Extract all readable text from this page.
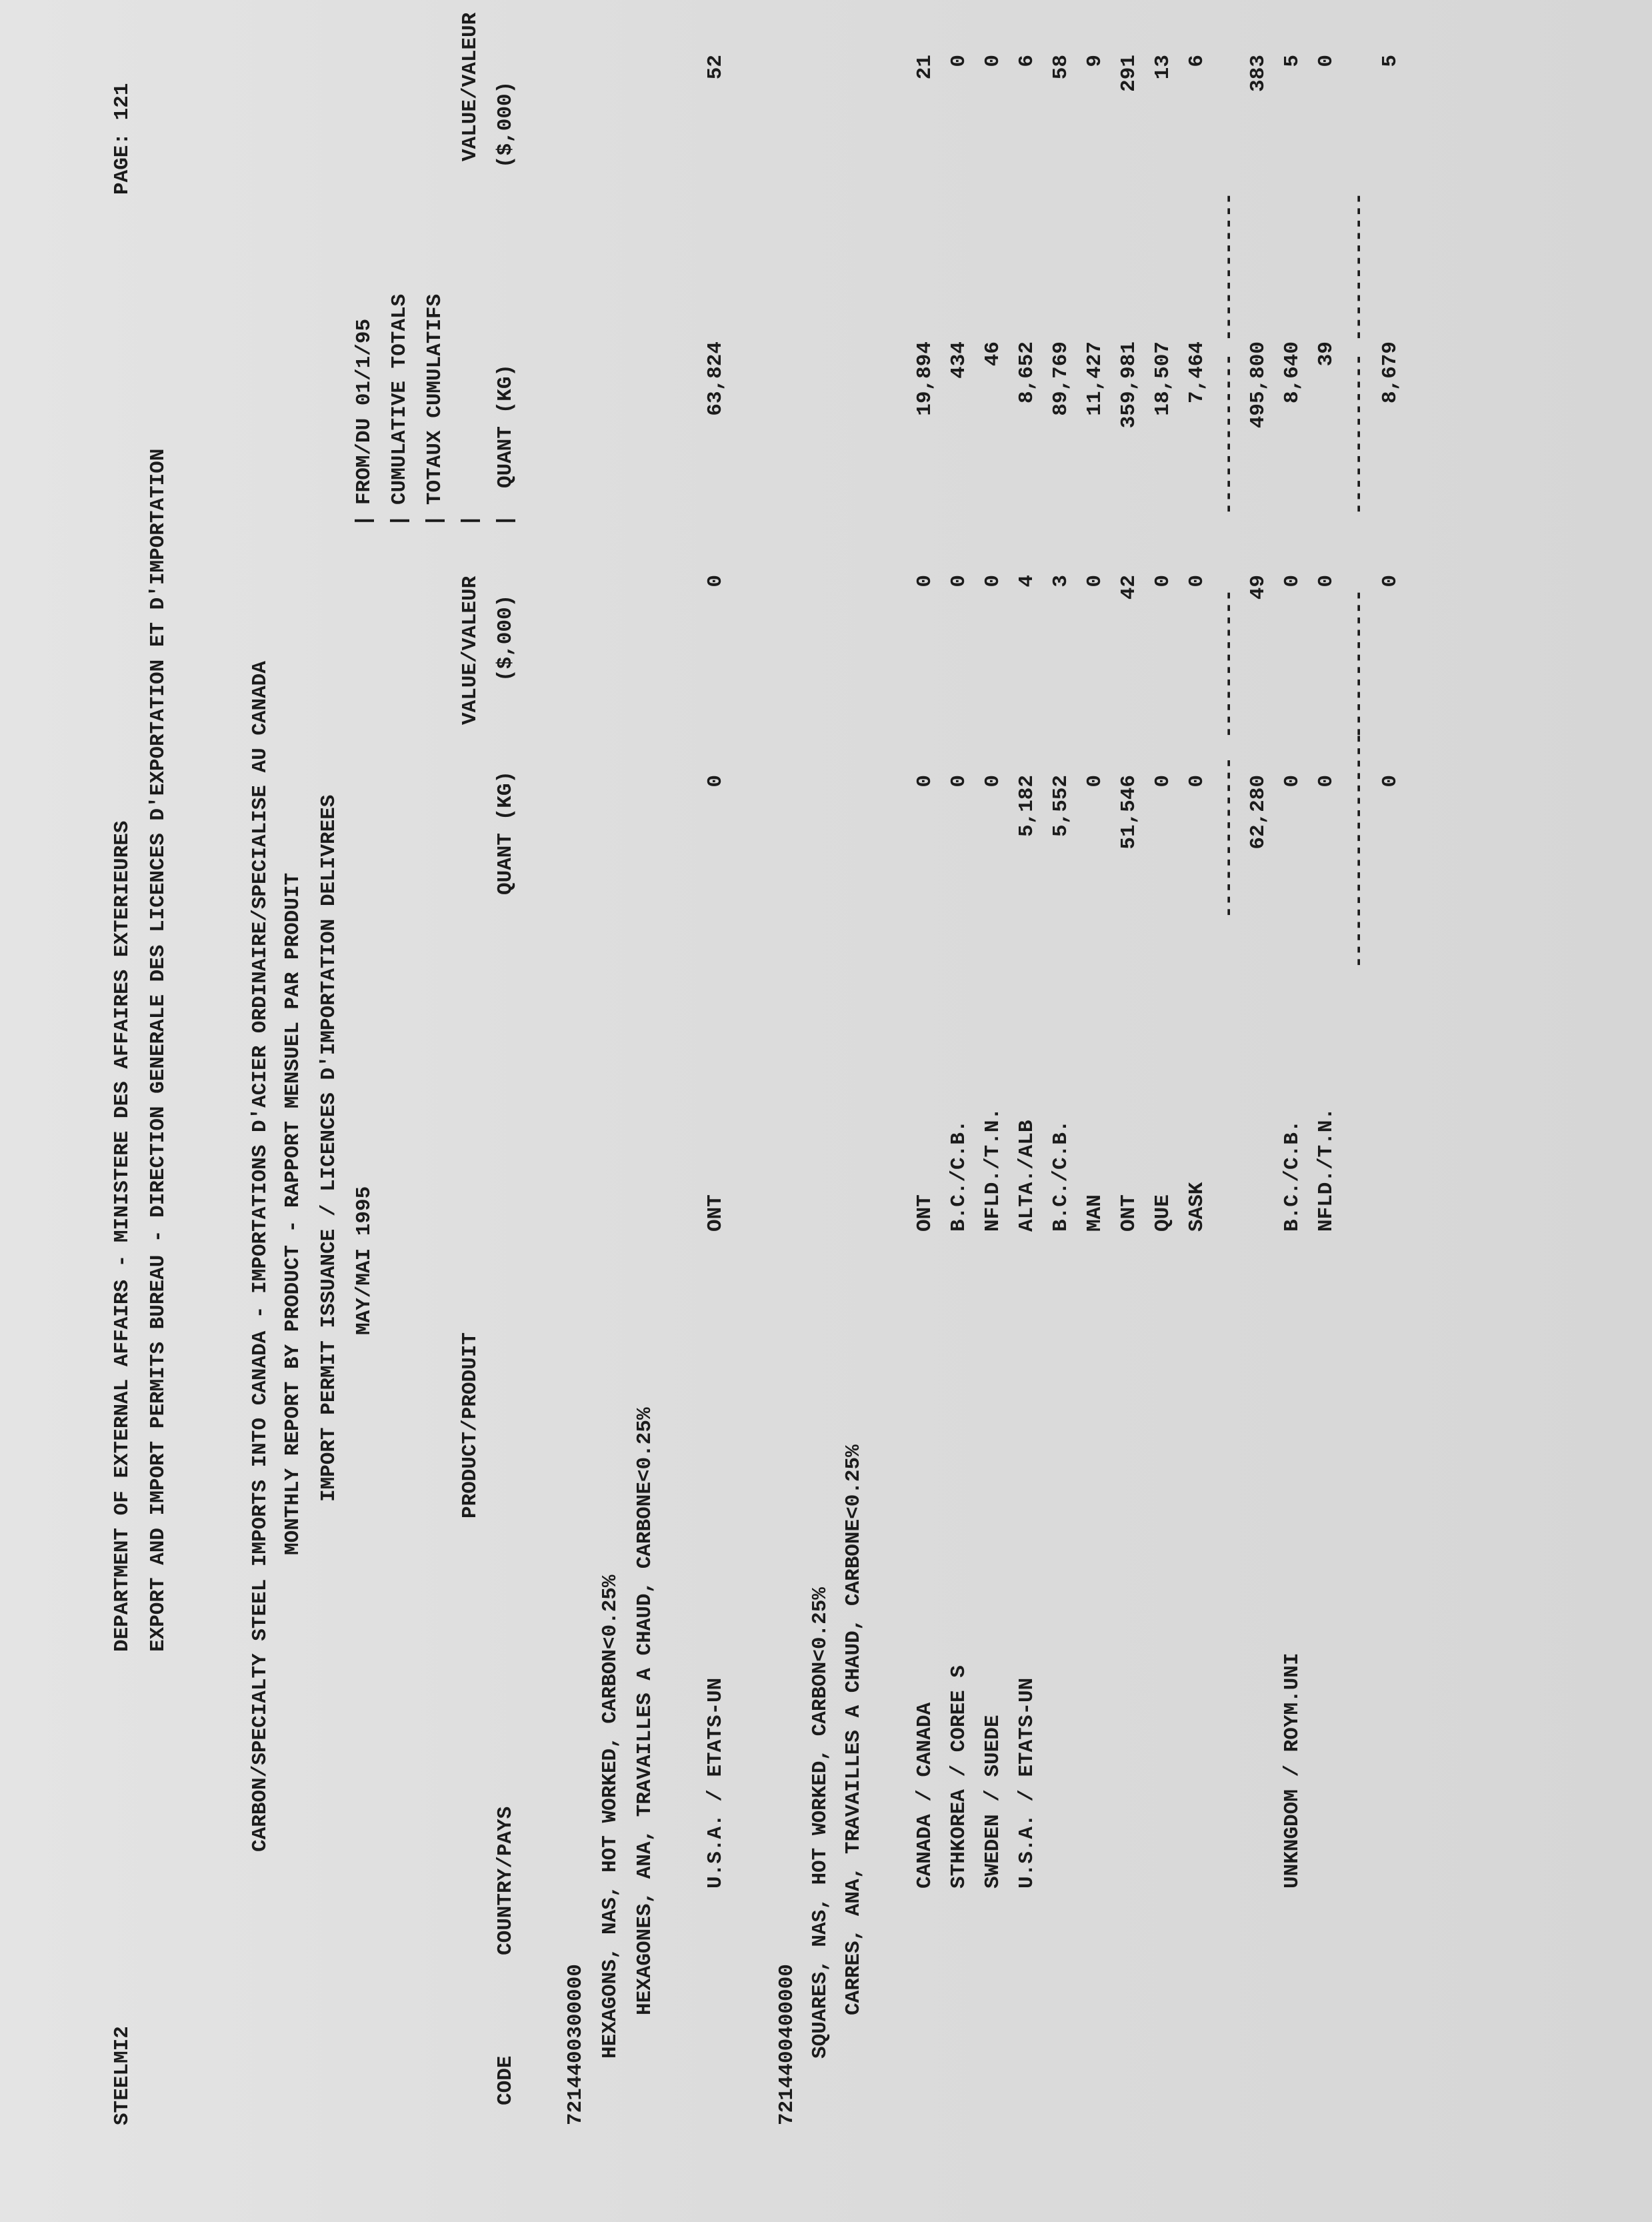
STEELMI2
DEPARTMENT OF EXTERNAL AFFAIRS - MINISTERE DES AFFAIRES EXTERIEURES EXPORT AND IMPORT PERMITS BUREAU - DIRECTION GENERALE DES LICENCES D'EXPORTATION ET D'IMPORTATION
PAGE: 121
CARBON/SPECIALTY STEEL IMPORTS INTO CANADA - IMPORTATIONS D'ACIER ORDINAIRE/SPECIALISE AU CANADA MONTHLY REPORT BY PRODUCT - RAPPORT MENSUEL PAR PRODUIT IMPORT PERMIT ISSUANCE / LICENCES D'IMPORTATION DELIVREES MAY/MAI 1995
FROM/DU 01/1/95 CUMULATIVE TOTALS TOTAUX CUMULATIFS
| | | | |
PRODUCT/PRODUIT
VALUE/VALEUR
VALUE/VALEUR
CODE
COUNTRY/PAYS
QUANT (KG)
($,000)
QUANT (KG)
($,000)
7214400300000 HEXAGONS, NAS, HOT WORKED, CARBON<0.25% HEXAGONES, ANA, TRAVAILLES A CHAUD, CARBONE<0.25% U.S.A. / ETATS-UN
ONT
0
0
63,824
52
7214400400000 SQUARES, NAS, HOT WORKED, CARBON<0.25% CARRES, ANA, TRAVAILLES A CHAUD, CARBONE<0.25% CANADA / CANADA
ONT
0
0
19,894
21
STHKOREA / COREE S
B.C./C.B.
0
0
434
0
SWEDEN / SUEDE
NFLD./T.N.
0
0
46
0
U.S.A. / ETATS-UN
ALTA./ALB
5,182
4
8,652
6
B.C./C.B.
5,552
3
89,769
58
MAN
0
0
11,427
9
ONT
51,546
42
359,981
291
QUE
0
0
18,507
13
SASK
0
0
7,464
6
-------------
------------
-------------
------------
62,280
49
495,800
383
UNKNGDOM / ROYM.UNI
B.C./C.B.
0
0
8,640
5
NFLD./T.N.
0
0
39
0
-------------------
------------
-------------
------------
0
0
8,679
5
